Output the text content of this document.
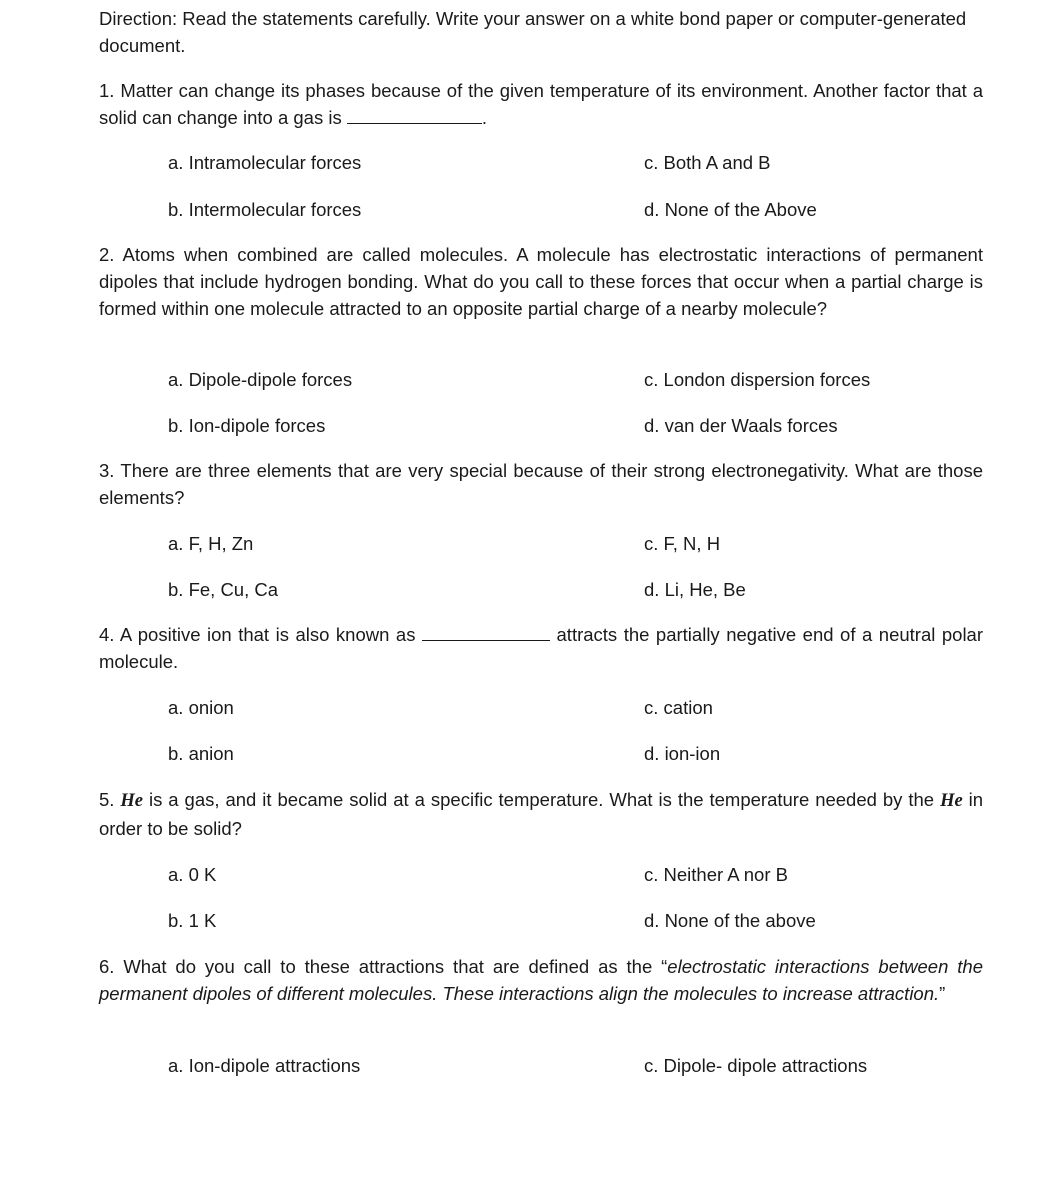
Direction: Read the statements carefully. Write your answer on a white bond paper or computer-generated document.
1. Matter can change its phases because of the given temperature of its environment. Another factor that a solid can change into a gas is	.
a. Intramolecular forces	c. Both A and B
b. Intermolecular forces	d. None of the Above
2. Atoms when combined are called molecules. A molecule has electrostatic interactions of permanent dipoles that include hydrogen bonding. What do you call to these forces that occur when a partial charge is formed within one molecule attracted to an opposite partial charge of a nearby molecule?
a. Dipole-dipole forces	c. London dispersion forces
b. Ion-dipole forces	d. van der Waals forces
3. There are three elements that are very special because of their strong electronegativity. What are those elements?
a. F, H, Zn	c. F, N, H
b. Fe, Cu, Ca	d. Li, He, Be
4. A positive ion that is also known as	attracts the partially negative end of a neutral polar molecule.
a. onion	c. cation
b. anion	d. ion-ion
5. He is a gas, and it became solid at a specific temperature. What is the temperature needed by the He in order to be solid?
a. 0 K	c. Neither A nor B
b. 1 K	d. None of the above
6. What do you call to these attractions that are defined as the “electrostatic interactions between the permanent dipoles of different molecules. These interactions align the molecules to increase attraction.”
a. Ion-dipole attractions	c. Dipole- dipole attractions
